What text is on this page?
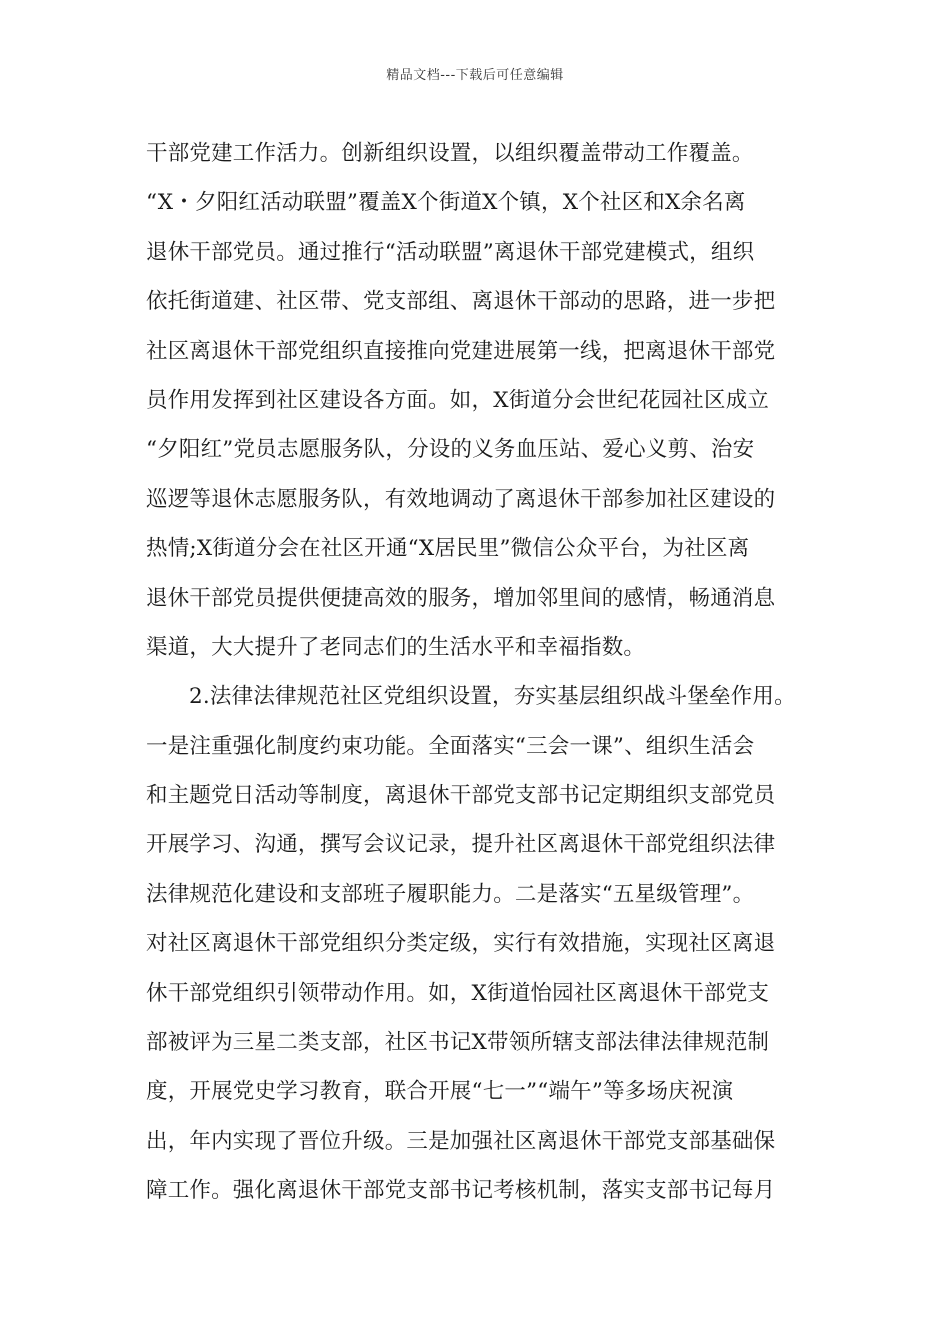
精品文档---下载后可任意编辑
干部党建工作活力。创新组织设置，以组织覆盖带动工作覆盖。
“X・夕阳红活动联盟”覆盖X个街道X个镇，X个社区和X余名离
退休干部党员。通过推行“活动联盟”离退休干部党建模式，组织
依托街道建、社区带、党支部组、离退休干部动的思路，进一步把
社区离退休干部党组织直接推向党建进展第一线，把离退休干部党
员作用发挥到社区建设各方面。如，X街道分会世纪花园社区成立
“夕阳红”党员志愿服务队，分设的义务血压站、爱心义剪、治安
巡逻等退休志愿服务队，有效地调动了离退休干部参加社区建设的
热情;X街道分会在社区开通“X居民里”微信公众平台，为社区离
退休干部党员提供便捷高效的服务，增加邻里间的感情，畅通消息
渠道，大大提升了老同志们的生活水平和幸福指数。
2.法律法律规范社区党组织设置，夯实基层组织战斗堡垒作用。
一是注重强化制度约束功能。全面落实“三会一课”、组织生活会
和主题党日活动等制度，离退休干部党支部书记定期组织支部党员
开展学习、沟通，撰写会议记录，提升社区离退休干部党组织法律
法律规范化建设和支部班子履职能力。二是落实“五星级管理”。
对社区离退休干部党组织分类定级，实行有效措施，实现社区离退
休干部党组织引领带动作用。如，X街道怡园社区离退休干部党支
部被评为三星二类支部，社区书记X带领所辖支部法律法律规范制
度，开展党史学习教育，联合开展“七一”“端午”等多场庆祝演
出，年内实现了晋位升级。三是加强社区离退休干部党支部基础保
障工作。强化离退休干部党支部书记考核机制，落实支部书记每月
